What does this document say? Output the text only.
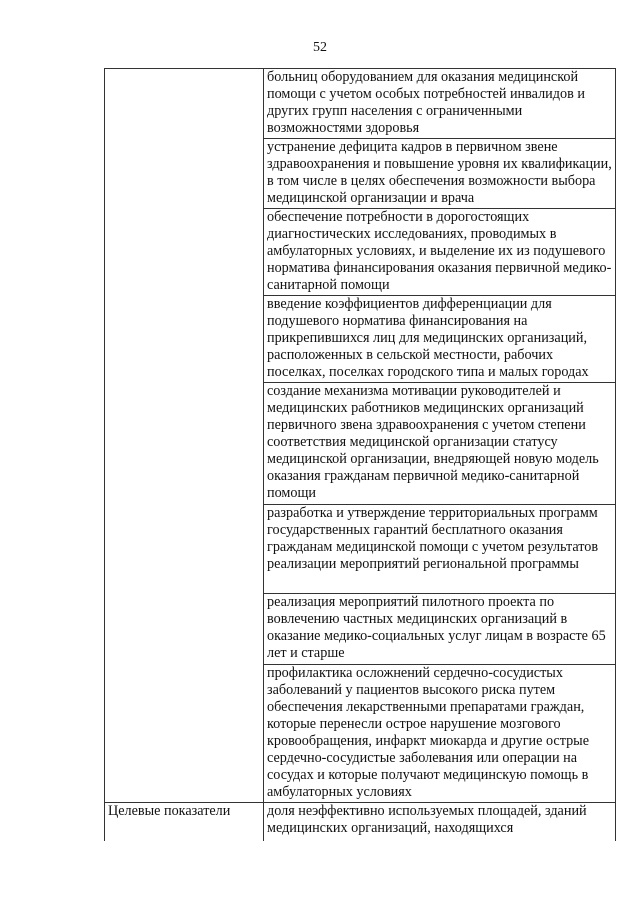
52

	больниц оборудованием для оказания медицинской помощи с учетом особых потребностей инвалидов и других групп населения с ограниченными возможностями здоровья

	устранение дефицита кадров в первичном звене здравоохранения и повышение уровня их квалификации, в том числе в целях обеспечения возможности выбора медицинской организации и врача

	обеспечение потребности в дорогостоящих диагностических исследованиях, проводимых в амбулаторных условиях, и выделение их из подушевого норматива финансирования оказания первичной медико-санитарной помощи

	введение коэффициентов дифференциации для подушевого норматива финансирования на прикрепившихся лиц для медицинских организаций, расположенных в сельской местности, рабочих поселках, поселках городского типа и малых городах

	создание механизма мотивации руководителей и медицинских работников медицинских организаций первичного звена здравоохранения с учетом степени соответствия медицинской организации статусу медицинской организации, внедряющей новую модель оказания гражданам первичной медико-санитарной помощи

	разработка и утверждение территориальных программ государственных гарантий бесплатного оказания гражданам медицинской помощи с учетом результатов реализации мероприятий региональной программы

	реализация мероприятий пилотного проекта по вовлечению частных медицинских организаций в оказание медико-социальных услуг лицам в возрасте 65 лет и старше

	профилактика осложнений сердечно-сосудистых заболеваний у пациентов высокого риска путем обеспечения лекарственными препаратами граждан, которые перенесли острое нарушение мозгового кровообращения, инфаркт миокарда и другие острые сердечно-сосудистые заболевания или операции на сосудах и которые получают медицинскую помощь в амбулаторных условиях

Целевые показатели	доля неэффективно используемых площадей, зданий медицинских организаций, находящихся
